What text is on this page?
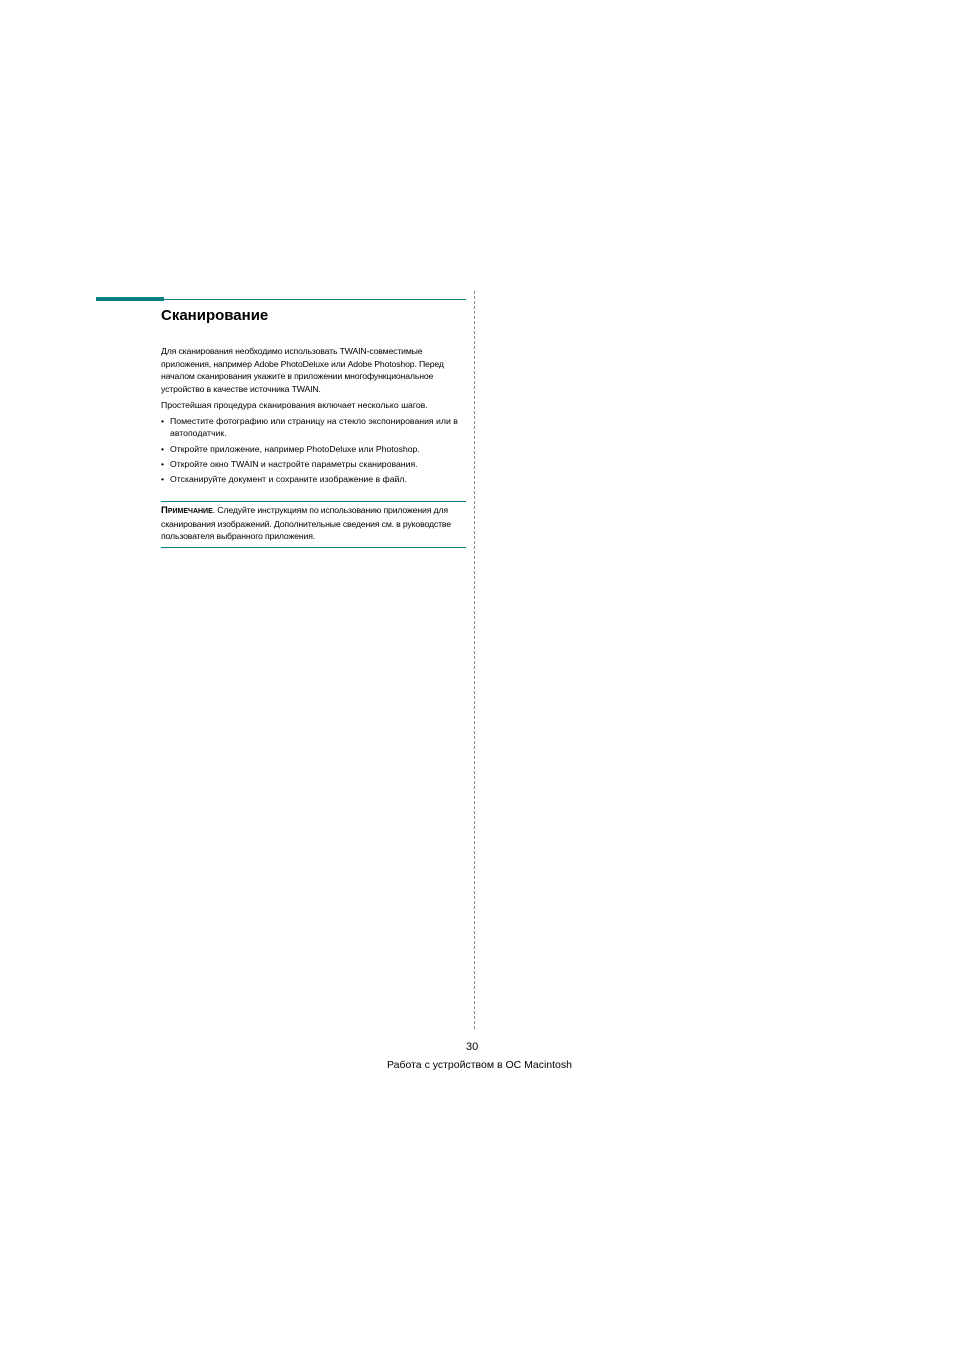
Сканирование

Для сканирования необходимо использовать TWAIN-совместимые приложения, например Adobe PhotoDeluxe или Adobe Photoshop. Перед началом сканирования укажите в приложении многофункциональное устройство в качестве источника TWAIN.

Простейшая процедура сканирования включает несколько шагов.

• Поместите фотографию или страницу на стекло экспонирования или в автоподатчик.
• Откройте приложение, например PhotoDeluxe или Photoshop.
• Откройте окно TWAIN и настройте параметры сканирования.
• Отсканируйте документ и сохраните изображение в файл.
Примечание. Следуйте инструкциям по использованию приложения для сканирования изображений. Дополнительные сведения см. в руководстве пользователя выбранного приложения.
30
Работа с устройством в ОС Macintosh
